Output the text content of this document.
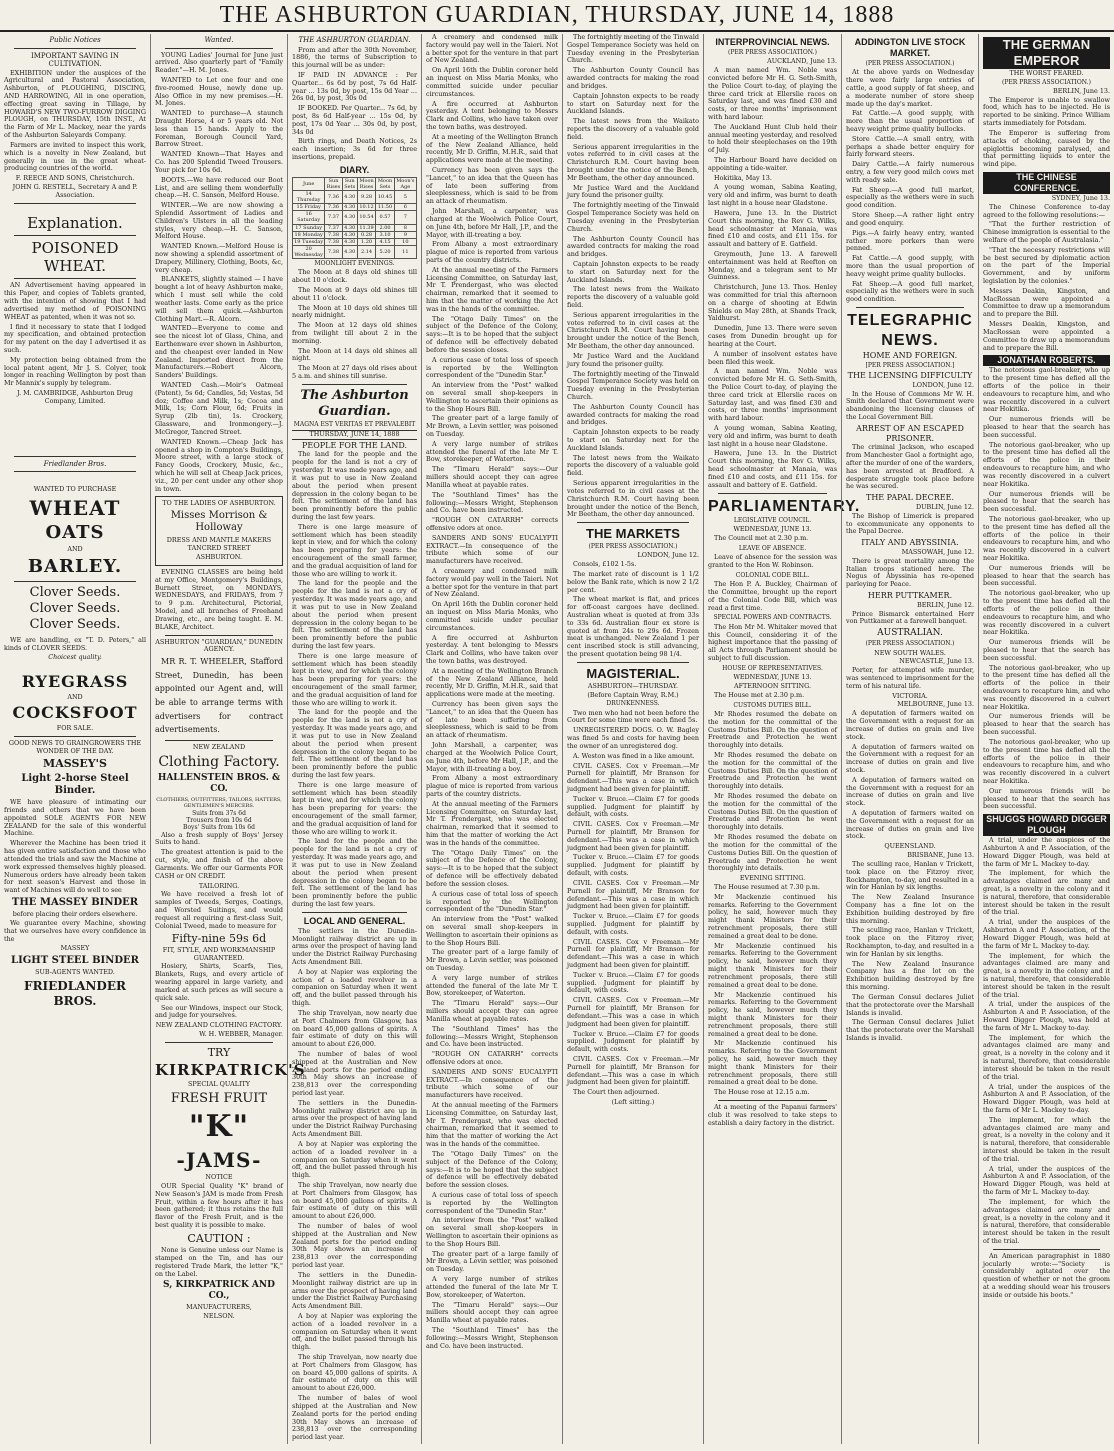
THE ASHBURTON GUARDIAN, THURSDAY, JUNE 14, 1888
Public Notices
IMPORTANT SAVING IN CULTIVATION.

EXHIBITION under the auspices of the Agricultural and Pastoral Association, Ashburton, of PLOUGHING, DISCING, AND HARROWING, All in one operation, effecting great saving in Tillage, by HOWARD'S NEW TWO-FURROW DIGGING PLOUGH, on THURSDAY, 15th INST., At the Farm of Mr L. Mackey, near the yards of the Ashburton Saleyards Company.

Farmers are invited to inspect this work, which is a novelty in New Zealand, but generally in use in the great wheat-producing countries of the world.

F. REECE AND SONS, Christchurch.
JOHN G. RESTELL, Secretary A and P. Association.
Explanation.
POISONED WHEAT.

AN Advertisement having appeared in this Paper, and copies of Tablets granted, with the intention of showing that I had advertised my method of POISONING WHEAT as patented, when it was not so.

I find it necessary to state that I lodged my specification, and obtained protection for my patent on the day I advertised it as such.

My protection being obtained from the local patent agent, Mr J. S. Colyer, took longer in reaching Wellington by post than Mr Mannix's supply by telegram.

J. M. CAMBRIDGE, Ashburton Drug Company, Limited.
Friedlander Bros.
WANTED TO PURCHASE
WHEAT
OATS
AND
BARLEY.
Clover Seeds.
Clover Seeds.
Clover Seeds.

WE are handling, ex "T. D. Peters," all kinds of CLOVER SEEDS.

Choicest quality.
RYEGRASS
AND
COCKSFOOT
FOR SALE.
GOOD NEWS TO GRAINGROWERS THE WONDER OF THE DAY.
MASSEY'S
Light 2-horse Steel Binder.

WE have pleasure of intimating our friends and others that we have been appointed SOLE AGENTS FOR NEW ZEALAND for the sale of this wonderful Machine.

Wherever the Machine has been tried it has given entire satisfaction and those who attended the trials and saw the Machine at work expressed themselves highly pleased. Numerous orders have already been taken for next season's Harvest and those in want of Machines will do well to see

THE MASSEY BINDER
before placing their orders elsewhere.

We guarantee every Machine, showing that we ourselves have every confidence in the

MASSEY
LIGHT STEEL BINDER
SUB-AGENTS WANTED.
FRIEDLANDER BROS.
Wanted.

YOUNG Ladies' Journal for June just arrived. Also quarterly part of "Family Reader."—H. M. Jones.

WANTED to Let one four and one five-roomed House, newly done up. Also Office in my new premises.—H. M. Jones.

WANTED to purchase—A staunch Draught Horse, 4 or 5 years old. Not less than 15 hands. Apply to the Foreman, Borough Council Yard, Barrow Street.

WANTED Known—That Hayes and Co. has 200 Splendid Tweed Trousers. Your pick for 10s 6d.

BOOTS.—We have reduced our Boot List, and are selling them wonderfully cheap.—H. C. Sanson, Melford House.

WINTER.—We are now showing a Splendid Assortment of Ladies and Children's Ulsters in all the leading styles, very cheap.—H. C. Sanson, Melford House.

WANTED Known.—Melford House is now showing a splendid assortment of Drapery, Millinery, Clothing, Boots, &c, very cheap.

BLANKETS, slightly stained — I have bought a lot of heavy Ashburton make, which I must sell while the cold weather lasts. Come early as the price will sell them quick.—Ashburton Clothing Mart.—R. Alcorn.

WANTED—Everyone to come and see the nicest lot of Glass, China, and Earthenware ever shown in Ashburton, and the cheapest ever landed in New Zealand. Imported direct from the Manufacturers.—Robert Alcorn, Sanders' Buildings.

WANTED Cash.—Moir's Oatmeal (Patent), 5s 6d; Candles, 5d; Vestas, 5d doz; Coffee and Milk, 1s; Cocoa and Milk, 1s; Corn Flour, 6d; Fruits in Syrup (2lb tin), 1s. Crockery, Glassware, and Ironmongery.—J. McGregor, Tancred Street.

WANTED Known.—Cheap Jack has opened a shop in Compton's Buildings, Moore street, with a large stock of Fancy Goods, Crockery, Music, &c., which he will sell at Cheap Jack prices, viz., 20 per cent under any other shop in town.

TO THE LADIES OF ASHBURTON.
Misses Morrison & Holloway
DRESS AND MANTLE MAKERS
TANCRED STREET
ASHBURTON.

EVENING CLASSES are being held at my Office, Montgomery's Buildings, Burnett Street, on MONDAYS, WEDNESDAYS, and FRIDAYS, from 7 to 9 p.m. Architectural, Pictorial, Model, and all branches of Freehand Drawing, etc., are being taught. E. M. BLAKE, Architect.

ASHBURTON "GUARDIAN," DUNEDIN AGENCY.

MR R. T. WHEELER, Stafford Street, Dunedin, has been appointed our Agent and, will be able to arrange terms with advertisers for contract advertisements.

NEW ZEALAND
Clothing Factory.
HALLENSTEIN BROS. & CO.
CLOTHIERS, OUTFITTERS, TAILORS, HATTERS, GENTLEMEN'S MERCERS.
Suits from 37s 6d
Trousers from 10s 6d
Boys' Suits from 10s 6d

Also a fresh supply of Boys' Jersey Suits to hand.

The greatest attention is paid to the cut, style, and finish of the above Garments. We offer our Garments FOR CASH or ON CREDIT.

TAILORING.

We have received a fresh lot of samples of Tweeds, Serges, Coatings, and Worsted Suitings, and would request all requiring a first-class Suit, Colonial Tweed, made to measure for

Fifty-nine 59s 6d
FIT, STYLE, AND WORKMANSHIP GUARANTEED.

Hosiery, Shirts, Scarfs, Ties, Blankets, Rugs, and every article of wearing apparel in large variety, and marked at such prices as will secure a quick sale.

See our Windows, inspect our Stock, and judge for yourselves.

NEW ZEALAND CLOTHING FACTORY.
W. H. WEBBER, Manager.
TRY
KIRKPATRICK'S
SPECIAL QUALITY
FRESH FRUIT
"K"
-JAMS-
NOTICE

OUR Special Quality "K" brand of New Season's JAM is made from Fresh Fruit, within a few hours after it has been gathered; it thus retains the full flavor of the Fresh Fruit, and is the best quality it is possible to make.

CAUTION :

None is Genuine unless our Name is stamped on the Tin, and has our registered Trade Mark, the letter "K," on the Label.

S, KIRKPATRICK AND CO.,
MANUFACTURERS,
NELSON.
THE ASHBURTON GUARDIAN.

From and after the 30th November, 1886, the terms of Subscription to this journal will be as under:

IF PAID IN ADVANCE : Per Quarter... 6s 6d by post, 7s 6d Half-year ... 13s 0d, by post, 15s 0d Year ... 26s 0d, by post, 30s 0d

IF BOOKED. Per Quarter... 7s 6d, by post, 8s 6d Half-year ... 15s 0d, by post, 17s 0d Year ... 30s 0d, by post, 34s 0d

Birth rings, and Death Notices, 2s each insertion; 3s 6d for three insertions, prepaid.

DIARY.
June	Sun Rises	Sun Sets	Moon Rises	Moon Sets	Moon's Age
14 Thursday	7.36	4.30	9.28	10.45	5
15 Friday	7.36	4.30	10.12	11.50	6
16 Saturday	7.37	4.30	10.54	0.57	7
17 Sunday	7.37	4.30	11.39	2.00	8
18 Monday	7.38	4.30	0.28	3.10	9
19 Tuesday	7.38	4.30	1.20	4.15	10
20 Wednesday	7.38	4.30	2.14	5.20	11
MOONLIGHT EVENINGS.

The Moon at 8 days old shines till about 10 o'clock.

The Moon at 9 days old shines till about 11 o'clock.

The Moon at 10 days old shines till nearly midnight.

The Moon at 12 days old shines from twilight till about 2 in the morning.

The Moon at 14 days old shines all night.

The Moon at 27 days old rises about 5 a.m. and shines till sunrise.

The Ashburton Guardian.
MAGNA EST VERITAS ET PREVALEBIT
THURSDAY, JUNE 14, 1888
PEOPLE FOR THE LAND.

The land for the people and the people for the land is not a cry of yesterday. It was made years ago, and it was put to use in New Zealand about the period when present depression in the colony began to be felt. The settlement of the land has been prominently before the public during the last few years.

There is one large measure of settlement which has been steadily kept in view, and for which the colony has been preparing for years: the encouragement of the small farmer, and the gradual acquisition of land for those who are willing to work it.

The land for the people and the people for the land is not a cry of yesterday. It was made years ago, and it was put to use in New Zealand about the period when present depression in the colony began to be felt. The settlement of the land has been prominently before the public during the last few years.

There is one large measure of settlement which has been steadily kept in view, and for which the colony has been preparing for years: the encouragement of the small farmer, and the gradual acquisition of land for those who are willing to work it.

The land for the people and the people for the land is not a cry of yesterday. It was made years ago, and it was put to use in New Zealand about the period when present depression in the colony began to be felt. The settlement of the land has been prominently before the public during the last few years.

There is one large measure of settlement which has been steadily kept in view, and for which the colony has been preparing for years: the encouragement of the small farmer, and the gradual acquisition of land for those who are willing to work it.

The land for the people and the people for the land is not a cry of yesterday. It was made years ago, and it was put to use in New Zealand about the period when present depression in the colony began to be felt. The settlement of the land has been prominently before the public during the last few years.

LOCAL AND GENERAL.

The settlers in the Dunedin-Moonlight railway district are up in arms over the prospect of having land under the District Railway Purchasing Acts Amendment Bill.

A boy at Napier was exploring the action of a loaded revolver in a companion on Saturday when it went off, and the bullet passed through his thigh.

The ship Travelyan, now nearly due at Port Chalmers from Glasgow, has on board 45,000 gallons of spirits. A fair estimate of duty on this will amount to about £26,000.

The number of bales of wool shipped at the Australian and New Zealand ports for the period ending 30th May shows an increase of 238,813 over the corresponding period last year.

The settlers in the Dunedin-Moonlight railway district are up in arms over the prospect of having land under the District Railway Purchasing Acts Amendment Bill.

A boy at Napier was exploring the action of a loaded revolver in a companion on Saturday when it went off, and the bullet passed through his thigh.

The ship Travelyan, now nearly due at Port Chalmers from Glasgow, has on board 45,000 gallons of spirits. A fair estimate of duty on this will amount to about £26,000.

The number of bales of wool shipped at the Australian and New Zealand ports for the period ending 30th May shows an increase of 238,813 over the corresponding period last year.

The settlers in the Dunedin-Moonlight railway district are up in arms over the prospect of having land under the District Railway Purchasing Acts Amendment Bill.

A boy at Napier was exploring the action of a loaded revolver in a companion on Saturday when it went off, and the bullet passed through his thigh.

The ship Travelyan, now nearly due at Port Chalmers from Glasgow, has on board 45,000 gallons of spirits. A fair estimate of duty on this will amount to about £26,000.

The number of bales of wool shipped at the Australian and New Zealand ports for the period ending 30th May shows an increase of 238,813 over the corresponding period last year.

A creamery and condensed milk factory would pay well in the Taieri. Not a better spot for the venture in that part of New Zealand.

On April 16th the Dublin coroner held an inquest on Miss Maria Monks, who committed suicide under peculiar circumstances.

A fire occurred at Ashburton yesterday. A tent belonging to Messrs Clark and Collins, who have taken over the town baths, was destroyed.

At a meeting of the Wellington Branch of the New Zealand Alliance, held recently, Mr D. Griffin, M.H.R., said that applications were made at the meeting.

Currency has been given says the "Lancet," to an idea that the Queen has of late been suffering from sleeplessness, which is said to be from an attack of rheumatism.

John Marshall, a carpenter, was charged at the Woolwich Police Court, on June 4th, before Mr Hall, J.P., and the Mayor, with ill-treating a boy.

From Albany a most extraordinary plague of mice is reported from various parts of the country districts.

At the annual meeting of the Farmers Licensing Committee, on Saturday last, Mr T. Prendergast, who was elected chairman, remarked that it seemed to him that the matter of working the Act was in the hands of the committee.

The "Otago Daily Times" on the subject of the Defence of the Colony, says:—It is to be hoped that the subject of defence will be effectively debated before the session closes.

A curious case of total loss of speech is reported by the Wellington correspondent of the "Dunedin Star."

An interview from the "Post" walked on several small shop-keepers in Wellington to ascertain their opinions as to the Shop Hours Bill.

The greater part of a large family of Mr Brown, a Levin settler, was poisoned on Tuesday.

A very large number of strikes attended the funeral of the late Mr T. Bow, storekeeper, of Waterton.

The "Timaru Herald" says:—Our millers should accept they can agree Manilla wheat at payable rates.

The "Southland Times" has the following:—Messrs Wright, Stephenson and Co. have been instructed.

"ROUGH ON CATARRH" corrects offensive odors at once.

SANDERS AND SONS' EUCALYPTI EXTRACT.—In consequence of the tribute which some of our manufacturers have received.

A creamery and condensed milk factory would pay well in the Taieri. Not a better spot for the venture in that part of New Zealand.

On April 16th the Dublin coroner held an inquest on Miss Maria Monks, who committed suicide under peculiar circumstances.

A fire occurred at Ashburton yesterday. A tent belonging to Messrs Clark and Collins, who have taken over the town baths, was destroyed.

At a meeting of the Wellington Branch of the New Zealand Alliance, held recently, Mr D. Griffin, M.H.R., said that applications were made at the meeting.

Currency has been given says the "Lancet," to an idea that the Queen has of late been suffering from sleeplessness, which is said to be from an attack of rheumatism.

John Marshall, a carpenter, was charged at the Woolwich Police Court, on June 4th, before Mr Hall, J.P., and the Mayor, with ill-treating a boy.

From Albany a most extraordinary plague of mice is reported from various parts of the country districts.

At the annual meeting of the Farmers Licensing Committee, on Saturday last, Mr T. Prendergast, who was elected chairman, remarked that it seemed to him that the matter of working the Act was in the hands of the committee.

The "Otago Daily Times" on the subject of the Defence of the Colony, says:—It is to be hoped that the subject of defence will be effectively debated before the session closes.

A curious case of total loss of speech is reported by the Wellington correspondent of the "Dunedin Star."

An interview from the "Post" walked on several small shop-keepers in Wellington to ascertain their opinions as to the Shop Hours Bill.

The greater part of a large family of Mr Brown, a Levin settler, was poisoned on Tuesday.

A very large number of strikes attended the funeral of the late Mr T. Bow, storekeeper, of Waterton.

The "Timaru Herald" says:—Our millers should accept they can agree Manilla wheat at payable rates.

The "Southland Times" has the following:—Messrs Wright, Stephenson and Co. have been instructed.

"ROUGH ON CATARRH" corrects offensive odors at once.

SANDERS AND SONS' EUCALYPTI EXTRACT.—In consequence of the tribute which some of our manufacturers have received.

At the annual meeting of the Farmers Licensing Committee, on Saturday last, Mr T. Prendergast, who was elected chairman, remarked that it seemed to him that the matter of working the Act was in the hands of the committee.

The "Otago Daily Times" on the subject of the Defence of the Colony, says:—It is to be hoped that the subject of defence will be effectively debated before the session closes.

A curious case of total loss of speech is reported by the Wellington correspondent of the "Dunedin Star."

An interview from the "Post" walked on several small shop-keepers in Wellington to ascertain their opinions as to the Shop Hours Bill.

The greater part of a large family of Mr Brown, a Levin settler, was poisoned on Tuesday.

A very large number of strikes attended the funeral of the late Mr T. Bow, storekeeper, of Waterton.

The "Timaru Herald" says:—Our millers should accept they can agree Manilla wheat at payable rates.

The "Southland Times" has the following:—Messrs Wright, Stephenson and Co. have been instructed.

The fortnightly meeting of the Tinwald Gospel Temperance Society was held on Tuesday evening in the Presbyterian Church.

The Ashburton County Council has awarded contracts for making the road and bridges.

Captain Johnston expects to be ready to start on Saturday next for the Auckland Islands.

The latest news from the Waikato reports the discovery of a valuable gold field.

Serious apparent irregularities in the votes referred to in civil cases at the Christchurch R.M. Court having been brought under the notice of the Bench, Mr Beetham, the other day announced.

Mr Justice Ward and the Auckland jury found the prisoner guilty.

The fortnightly meeting of the Tinwald Gospel Temperance Society was held on Tuesday evening in the Presbyterian Church.

The Ashburton County Council has awarded contracts for making the road and bridges.

Captain Johnston expects to be ready to start on Saturday next for the Auckland Islands.

The latest news from the Waikato reports the discovery of a valuable gold field.

Serious apparent irregularities in the votes referred to in civil cases at the Christchurch R.M. Court having been brought under the notice of the Bench, Mr Beetham, the other day announced.

Mr Justice Ward and the Auckland jury found the prisoner guilty.

The fortnightly meeting of the Tinwald Gospel Temperance Society was held on Tuesday evening in the Presbyterian Church.

The Ashburton County Council has awarded contracts for making the road and bridges.

Captain Johnston expects to be ready to start on Saturday next for the Auckland Islands.

The latest news from the Waikato reports the discovery of a valuable gold field.

Serious apparent irregularities in the votes referred to in civil cases at the Christchurch R.M. Court having been brought under the notice of the Bench, Mr Beetham, the other day announced.

THE MARKETS
(PER PRESS ASSOCIATION.)
LONDON, June 12.

Consols, £102 1-5s.

The market rate of discount is 1 1/2 below the Bank rate, which is now 2 1/2 per cent.

The wheat market is flat, and prices for off-coast cargoes have declined. Australian wheat is quoted at from 33s to 33s 6d. Australian flour ex store is quoted at from 24s to 29s 6d. Frozen meat is unchanged. New Zealand 1 per cent inscribed stock is still advancing, the present quotation being 98 1/4.

MAGISTERIAL.
ASHBURTON—THURSDAY.
(Before Captain Wray, R.M.)
DRUNKENNESS.

Two men who had not been before the Court for some time were each fined 5s.

UNREGISTERED DOGS. O. W. Bagley was fined 5s and costs for having been the owner of an unregistered dog.

A. Weston was fined in a like amount.

CIVIL CASES. Cox v Freeman.—Mr Purnell for plaintiff, Mr Branson for defendant.—This was a case in which judgment had been given for plaintiff.

Tucker v. Bruce.—Claim £7 for goods supplied. Judgment for plaintiff by default, with costs.

CIVIL CASES. Cox v Freeman.—Mr Purnell for plaintiff, Mr Branson for defendant.—This was a case in which judgment had been given for plaintiff.

Tucker v. Bruce.—Claim £7 for goods supplied. Judgment for plaintiff by default, with costs.

CIVIL CASES. Cox v Freeman.—Mr Purnell for plaintiff, Mr Branson for defendant.—This was a case in which judgment had been given for plaintiff.

Tucker v. Bruce.—Claim £7 for goods supplied. Judgment for plaintiff by default, with costs.

CIVIL CASES. Cox v Freeman.—Mr Purnell for plaintiff, Mr Branson for defendant.—This was a case in which judgment had been given for plaintiff.

Tucker v. Bruce.—Claim £7 for goods supplied. Judgment for plaintiff by default, with costs.

CIVIL CASES. Cox v Freeman.—Mr Purnell for plaintiff, Mr Branson for defendant.—This was a case in which judgment had been given for plaintiff.

Tucker v. Bruce.—Claim £7 for goods supplied. Judgment for plaintiff by default, with costs.

CIVIL CASES. Cox v Freeman.—Mr Purnell for plaintiff, Mr Branson for defendant.—This was a case in which judgment had been given for plaintiff.

The Court then adjourned.

(Left sitting.)
INTERPROVINCIAL NEWS.
(PER PRESS ASSOCIATION.)
AUCKLAND, June 13.

A man named Wm. Noble was convicted before Mr H. G. Seth-Smith, the Police Court to-day, of playing the three card trick at Ellerslie races on Saturday last, and was fined £30 and costs, or three months' imprisonment with hard labour.

The Auckland Hunt Club held their annual meeting yesterday, and resolved to hold their steeplechases on the 19th of July.

The Harbour Board have decided on appointing a tide-waiter.

Hokitika, May 13.

A young woman, Sabina Keating, very old and infirm, was burnt to death last night in a house near Gladstone.

Hawera, June 13. In the District Court this morning, the Rev G. Wilks, head schoolmaster at Manaia, was fined £10 and costs, and £11 15s. for assault and battery of E. Gatfield.

Greymouth, June 13. A farewell entertainment was held at Reefton on Monday, and a telegram sent to Mr Guinness.

Christchurch, June 13. Thos. Henley was committed for trial this afternoon on a charge of shooting at Edwin Shields on May 28th, at Shands Track, Yaldhurst.

Dunedin, June 13. There were seven cases from Dunedin brought up for hearing at the Court.

A number of insolvent estates have been filed this week.

A man named Wm. Noble was convicted before Mr H. G. Seth-Smith, the Police Court to-day, of playing the three card trick at Ellerslie races on Saturday last, and was fined £30 and costs, or three months' imprisonment with hard labour.

A young woman, Sabina Keating, very old and infirm, was burnt to death last night in a house near Gladstone.

Hawera, June 13. In the District Court this morning, the Rev G. Wilks, head schoolmaster at Manaia, was fined £10 and costs, and £11 15s. for assault and battery of E. Gatfield.

PARLIAMENTARY.
LEGISLATIVE COUNCIL.
WEDNESDAY, JUNE 13.

The Council met at 2.30 p.m.

LEAVE OF ABSENCE.

Leave of absence for the session was granted to the Hon W. Robinson.

COLONIAL CODE BILL.

The Hon P. A. Buckley, Chairman of the Committee, brought up the report of the Colonial Code Bill, which was read a first time.

SPECIAL POWERS AND CONTRACTS.

The Hon Mr M. Whitaker moved that this Council, considering it of the highest importance that the passing of all Acts through Parliament should be subject to full discussion.

HOUSE OF REPRESENTATIVES.
WEDNESDAY, JUNE 13.
AFTERNOON SITTING.

The House met at 2.30 p.m.

CUSTOMS DUTIES BILL.

Mr Rhodes resumed the debate on the motion for the committal of the Customs Duties Bill. On the question of Freetrade and Protection he went thoroughly into details.

Mr Rhodes resumed the debate on the motion for the committal of the Customs Duties Bill. On the question of Freetrade and Protection he went thoroughly into details.

Mr Rhodes resumed the debate on the motion for the committal of the Customs Duties Bill. On the question of Freetrade and Protection he went thoroughly into details.

Mr Rhodes resumed the debate on the motion for the committal of the Customs Duties Bill. On the question of Freetrade and Protection he went thoroughly into details.

EVENING SITTING.

The House resumed at 7.30 p.m.

Mr Mackenzie continued his remarks. Referring to the Government policy, he said, however much they might thank Ministers for their retrenchment proposals, there still remained a great deal to be done.

Mr Mackenzie continued his remarks. Referring to the Government policy, he said, however much they might thank Ministers for their retrenchment proposals, there still remained a great deal to be done.

Mr Mackenzie continued his remarks. Referring to the Government policy, he said, however much they might thank Ministers for their retrenchment proposals, there still remained a great deal to be done.

Mr Mackenzie continued his remarks. Referring to the Government policy, he said, however much they might thank Ministers for their retrenchment proposals, there still remained a great deal to be done.

The House rose at 12.15 a.m.

At a meeting of the Papanui farmers' club it was resolved to take steps to establish a dairy factory in the district.

ADDINGTON LIVE STOCK MARKET.
(PER PRESS ASSOCIATION.)

At the above yards on Wednesday there were fairly large entries of cattle, a good supply of fat sheep, and a moderate number of store sheep made up the day's market.

Fat Cattle.—A good supply, with more than the usual proportion of heavy weight prime quality bullocks.

Store Cattle.—A small entry, with perhaps a shade better enquiry for fairly forward steers.

Dairy Cattle.—A fairly numerous entry, a few very good milch cows met with ready sale.

Fat Sheep.—A good full market, especially as the wethers were in such good condition.

Store Sheep.—A rather light entry and good enquiry.

Pigs.—A fairly heavy entry, wanted rather more porkers than were penned.

Fat Cattle.—A good supply, with more than the usual proportion of heavy weight prime quality bullocks.

Fat Sheep.—A good full market, especially as the wethers were in such good condition.

TELEGRAPHIC NEWS.
HOME AND FOREIGN.
[PER PRESS ASSOCIATION.]
THE LICENSING DIFFICULTY
LONDON, June 12.

In the House of Commons Mr W. H. Smith declared that Government were abandoning the licensing clauses of the Local Government Bill.

ARREST OF AN ESCAPED PRISONER.

The criminal Jackson, who escaped from Manchester Gaol a fortnight ago, after the murder of one of the warders, has been arrested at Bradford. A desperate struggle took place before he was secured.

THE PAPAL DECREE.
DUBLIN, June 12.

The Bishop of Limerick is prepared to excommunicate any opponents to the Papal Decree.

ITALY AND ABYSSINIA.
MASSOWAH, June 12.

There is great mortality among the Italian troops stationed here. The Negus of Abyssinia has re-opened parleying for Peace.

HERR PUTTKAMER.
BERLIN, June 12.

Prince Bismarck entertained Herr von Puttkamer at a farewell banquet.

AUSTRALIAN.
(PER PRESS ASSOCIATION.)
NEW SOUTH WALES.
NEWCASTLE, June 13.

Porter, for attempted wife murder, was sentenced to imprisonment for the term of his natural life.

VICTORIA.
MELBOURNE, June 13.

A deputation of farmers waited on the Government with a request for an increase of duties on grain and live stock.

A deputation of farmers waited on the Government with a request for an increase of duties on grain and live stock.

A deputation of farmers waited on the Government with a request for an increase of duties on grain and live stock.

A deputation of farmers waited on the Government with a request for an increase of duties on grain and live stock.

QUEENSLAND.
BRISBANE, June 13.

The sculling race, Hanlan v Trickett, took place on the Fitzroy river, Rockhampton, to-day, and resulted in a win for Hanlan by six lengths.

The New Zealand Insurance Company has a fine lot on the Exhibition building destroyed by fire this morning.

The sculling race, Hanlan v Trickett, took place on the Fitzroy river, Rockhampton, to-day, and resulted in a win for Hanlan by six lengths.

The New Zealand Insurance Company has a fine lot on the Exhibition building destroyed by fire this morning.

The German Consul declares Juliet that the protectorate over the Marshall Islands is invalid.

The German Consul declares Juliet that the protectorate over the Marshall Islands is invalid.

THE GERMAN EMPEROR
THE WORST FEARED.
(PER PRESS ASSOCIATION.)
BERLIN, June 13.

The Emperor is unable to swallow food, which has to be injected. He is reported to be sinking. Prince William starts immediately for Potsdam.

The Emperor is suffering from attacks of choking, caused by the epiglottis becoming paralysed, and that permitting liquids to enter the wind pipe.

THE CHINESE CONFERENCE.
SYDNEY, June 13.

The Chinese Conference to-day agreed to the following resolutions:—

"That the further restriction of Chinese immigration is essential to the welfare of the people of Australasia."

"That the necessary restrictions will be best secured by diplomatic action on the part of the Imperial Government, and by uniform legislation by the colonies."

Messrs Deakin, Kingston, and MacRossan were appointed a Committee to draw up a memorandum and to prepare the Bill.

Messrs Deakin, Kingston, and MacRossan were appointed a Committee to draw up a memorandum and to prepare the Bill.

JONATHAN ROBERTS.

The notorious gaol-breaker, who up to the present time has defied all the efforts of the police in their endeavours to recapture him, and who was recently discovered in a culvert near Hokitika.

Our numerous friends will be pleased to hear that the search has been successful.

The notorious gaol-breaker, who up to the present time has defied all the efforts of the police in their endeavours to recapture him, and who was recently discovered in a culvert near Hokitika.

Our numerous friends will be pleased to hear that the search has been successful.

The notorious gaol-breaker, who up to the present time has defied all the efforts of the police in their endeavours to recapture him, and who was recently discovered in a culvert near Hokitika.

Our numerous friends will be pleased to hear that the search has been successful.

The notorious gaol-breaker, who up to the present time has defied all the efforts of the police in their endeavours to recapture him, and who was recently discovered in a culvert near Hokitika.

Our numerous friends will be pleased to hear that the search has been successful.

The notorious gaol-breaker, who up to the present time has defied all the efforts of the police in their endeavours to recapture him, and who was recently discovered in a culvert near Hokitika.

Our numerous friends will be pleased to hear that the search has been successful.

The notorious gaol-breaker, who up to the present time has defied all the efforts of the police in their endeavours to recapture him, and who was recently discovered in a culvert near Hokitika.

Our numerous friends will be pleased to hear that the search has been successful.

SHUGGS HOWARD DIGGER PLOUGH

A trial, under the auspices of the Ashburton A and P. Association, of the Howard Digger Plough, was held at the farm of Mr L. Mackey to-day.

The implement, for which the advantages claimed are many and great, is a novelty in the colony and it is natural, therefore, that considerable interest should be taken in the result of the trial.

A trial, under the auspices of the Ashburton A and P. Association, of the Howard Digger Plough, was held at the farm of Mr L. Mackey to-day.

The implement, for which the advantages claimed are many and great, is a novelty in the colony and it is natural, therefore, that considerable interest should be taken in the result of the trial.

A trial, under the auspices of the Ashburton A and P. Association, of the Howard Digger Plough, was held at the farm of Mr L. Mackey to-day.

The implement, for which the advantages claimed are many and great, is a novelty in the colony and it is natural, therefore, that considerable interest should be taken in the result of the trial.

A trial, under the auspices of the Ashburton A and P. Association, of the Howard Digger Plough, was held at the farm of Mr L. Mackey to-day.

The implement, for which the advantages claimed are many and great, is a novelty in the colony and it is natural, therefore, that considerable interest should be taken in the result of the trial.

A trial, under the auspices of the Ashburton A and P. Association, of the Howard Digger Plough, was held at the farm of Mr L. Mackey to-day.

The implement, for which the advantages claimed are many and great, is a novelty in the colony and it is natural, therefore, that considerable interest should be taken in the result of the trial.

An American paragraphist in 1880 jocularly wrote:—"Society is considerably agitated over the question of whether or not the groom at a wedding should wear his trousers inside or outside his boots."
